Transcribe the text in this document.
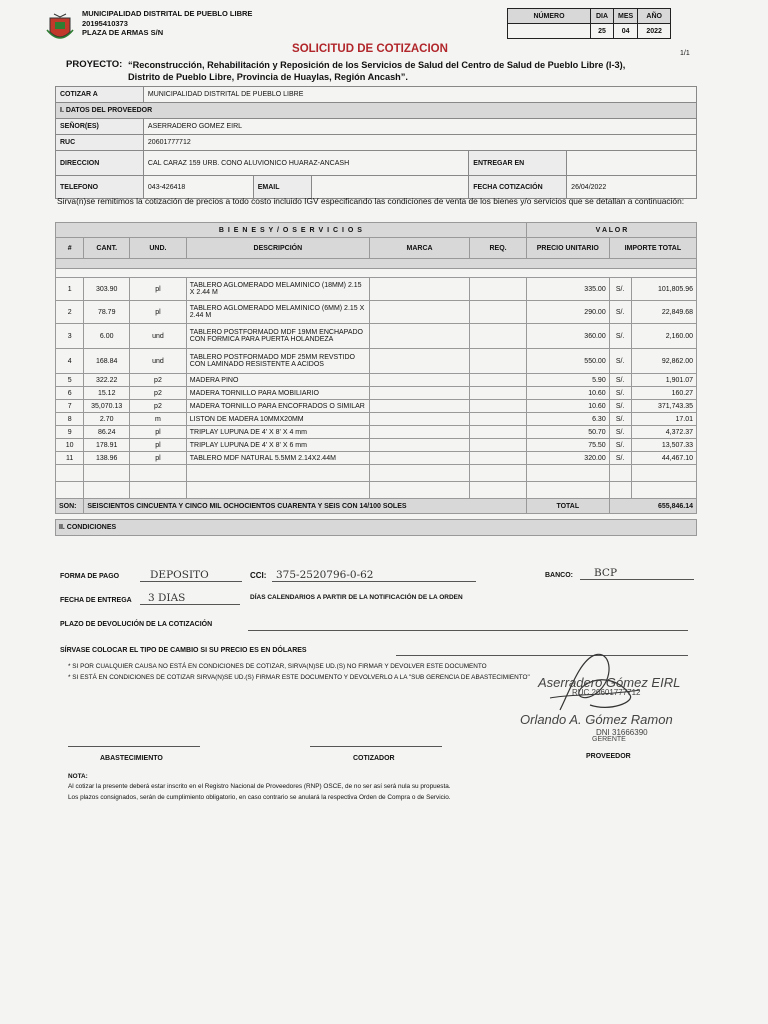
MUNICIPALIDAD DISTRITAL DE PUEBLO LIBRE
20195410373
PLAZA DE ARMAS S/N
NÚMERO	DIA	MES	AÑO
	25	04	2022
SOLICITUD DE COTIZACION	1/1
PROYECTO: “Reconstrucción, Rehabilitación y Reposición de los Servicios de Salud del Centro de Salud de Pueblo Libre (I-3),
Distrito de Pueblo Libre, Provincia de Huaylas, Región Ancash”.
COTIZAR A	MUNICIPALIDAD DISTRITAL DE PUEBLO LIBRE				
I. DATOS DEL PROVEEDOR					
SEÑOR(ES)	ASERRADERO GOMEZ EIRL				
RUC	20601777712				
DIRECCION	CAL CARAZ 159 URB. CONO ALUVIONICO HUARAZ-ANCASH			ENTREGAR EN	
TELEFONO	043-426418	EMAIL		FECHA COTIZACIÓN	26/04/2022
Sirva(n)se remitimos la cotización de precios a todo costo incluido IGV especificando las condiciones de venta de los bienes y/o servicios que se detallan a continuación:
B I E N E S Y / O S E R V I C I O S						V A L O R		
#	CANT.	UND.	DESCRIPCIÓN	MARCA	REQ.	PRECIO UNITARIO	IMPORTE TOTAL	

1	303.90	pl	TABLERO AGLOMERADO MELAMINICO (18MM) 2.15 X 2.44 M			335.00	S/.	101,805.96
2	78.79	pl	TABLERO AGLOMERADO MELAMINICO (6MM) 2.15 X 2.44 M			290.00	S/.	22,849.68
3	6.00	und	TABLERO POSTFORMADO MDF 19MM ENCHAPADO CON FORMICA PARA PUERTA HOLANDEZA			360.00	S/.	2,160.00
4	168.84	und	TABLERO POSTFORMADO MDF 25MM REVSTIDO CON LAMINADO RESISTENTE A ACIDOS			550.00	S/.	92,862.00
5	322.22	p2	MADERA PINO			5.90	S/.	1,901.07
6	15.12	p2	MADERA TORNILLO PARA MOBILIARIO			10.60	S/.	160.27
7	35,070.13	p2	MADERA TORNILLO PARA ENCOFRADOS O SIMILAR			10.60	S/.	371,743.35
8	2.70	m	LISTON DE MADERA 10MMX20MM			6.30	S/.	17.01
9	86.24	pl	TRIPLAY LUPUNA DE 4' X 8' X 4 mm			50.70	S/.	4,372.37
10	178.91	pl	TRIPLAY LUPUNA DE 4' X 8' X 6 mm			75.50	S/.	13,507.33
11	138.96	pl	TABLERO MDF NATURAL 5.5MM 2.14X2.44M			320.00	S/.	44,467.10

SON:	SEISCIENTOS CINCUENTA Y CINCO MIL OCHOCIENTOS CUARENTA Y SEIS CON 14/100 SOLES					TOTAL	655,846.14	

II. CONDICIONES								
FORMA DE PAGO	DEPOSITO	CCI: 375-2520796-0-62	BANCO:	BCP
FECHA DE ENTREGA	3 DIAS	DÍAS CALENDARIOS A PARTIR DE LA NOTIFICACIÓN DE LA ORDEN
PLAZO DE DEVOLUCIÓN DE LA COTIZACIÓN
SÍRVASE COLOCAR EL TIPO DE CAMBIO SI SU PRECIO ES EN DÓLARES
* SI POR CUALQUIER CAUSA NO ESTÁ EN CONDICIONES DE COTIZAR, SIRVA(N)SE UD.(S) NO FIRMAR Y DEVOLVER ESTE DOCUMENTO
* SI ESTÁ EN CONDICIONES DE COTIZAR SIRVA(N)SE UD.(S) FIRMAR ESTE DOCUMENTO Y DEVOLVERLO A LA "SUB GERENCIA DE ABASTECIMIENTO" Aserradero Gómez EIRL
RUC 20601777712
Orlando A. Gómez Ramon
DNI 31666390
GERENTE
ABASTECIMIENTO	COTIZADOR	PROVEEDOR
NOTA:
Al cotizar la presente deberá estar inscrito en el Registro Nacional de Proveedores (RNP) OSCE, de no ser así será nula su propuesta.
Los plazos consignados, serán de cumplimiento obligatorio, en caso contrario se anulará la respectiva Orden de Compra o de Servicio.
